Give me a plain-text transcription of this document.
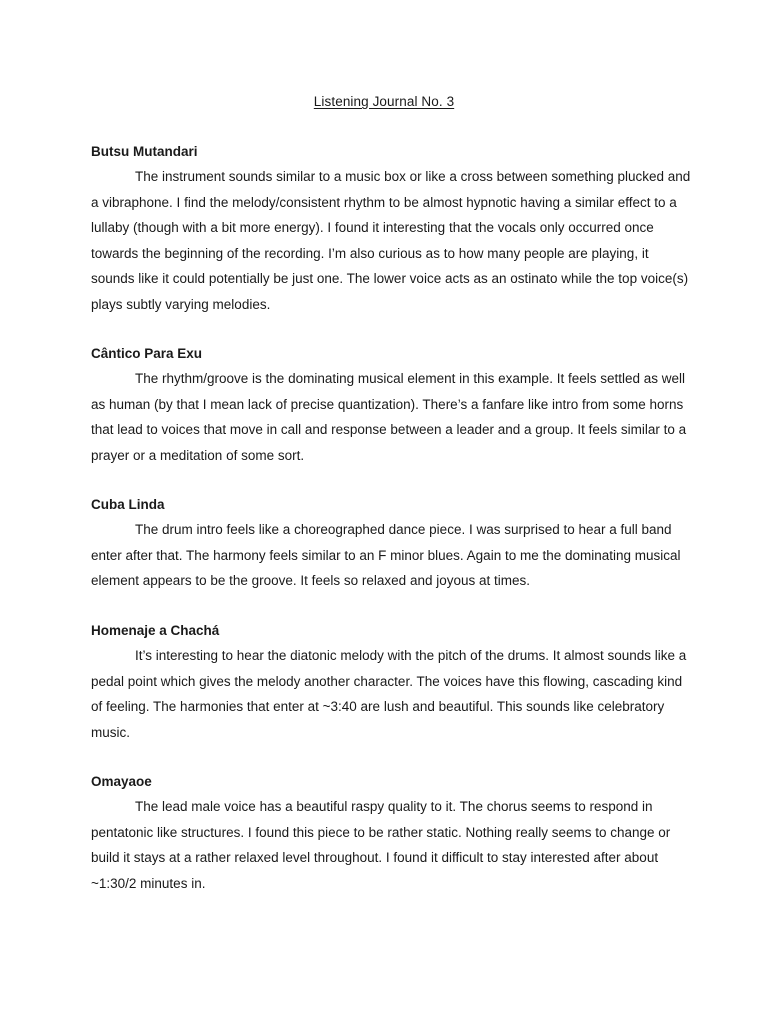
Listening Journal No. 3

Butsu Mutandari

The instrument sounds similar to a music box or like a cross between something plucked and a vibraphone. I find the melody/consistent rhythm to be almost hypnotic having a similar effect to a lullaby (though with a bit more energy). I found it interesting that the vocals only occurred once towards the beginning of the recording. I’m also curious as to how many people are playing, it sounds like it could potentially be just one. The lower voice acts as an ostinato while the top voice(s) plays subtly varying melodies.

Cântico Para Exu

The rhythm/groove is the dominating musical element in this example. It feels settled as well as human (by that I mean lack of precise quantization). There’s a fanfare like intro from some horns that lead to voices that move in call and response between a leader and a group. It feels similar to a prayer or a meditation of some sort.

Cuba Linda

The drum intro feels like a choreographed dance piece. I was surprised to hear a full band enter after that. The harmony feels similar to an F minor blues. Again to me the dominating musical element appears to be the groove. It feels so relaxed and joyous at times.

Homenaje a Chachá

It’s interesting to hear the diatonic melody with the pitch of the drums. It almost sounds like a pedal point which gives the melody another character. The voices have this flowing, cascading kind of feeling. The harmonies that enter at ~3:40 are lush and beautiful. This sounds like celebratory music.

Omayaoe

The lead male voice has a beautiful raspy quality to it. The chorus seems to respond in pentatonic like structures. I found this piece to be rather static. Nothing really seems to change or build it stays at a rather relaxed level throughout. I found it difficult to stay interested after about ~1:30/2 minutes in.
